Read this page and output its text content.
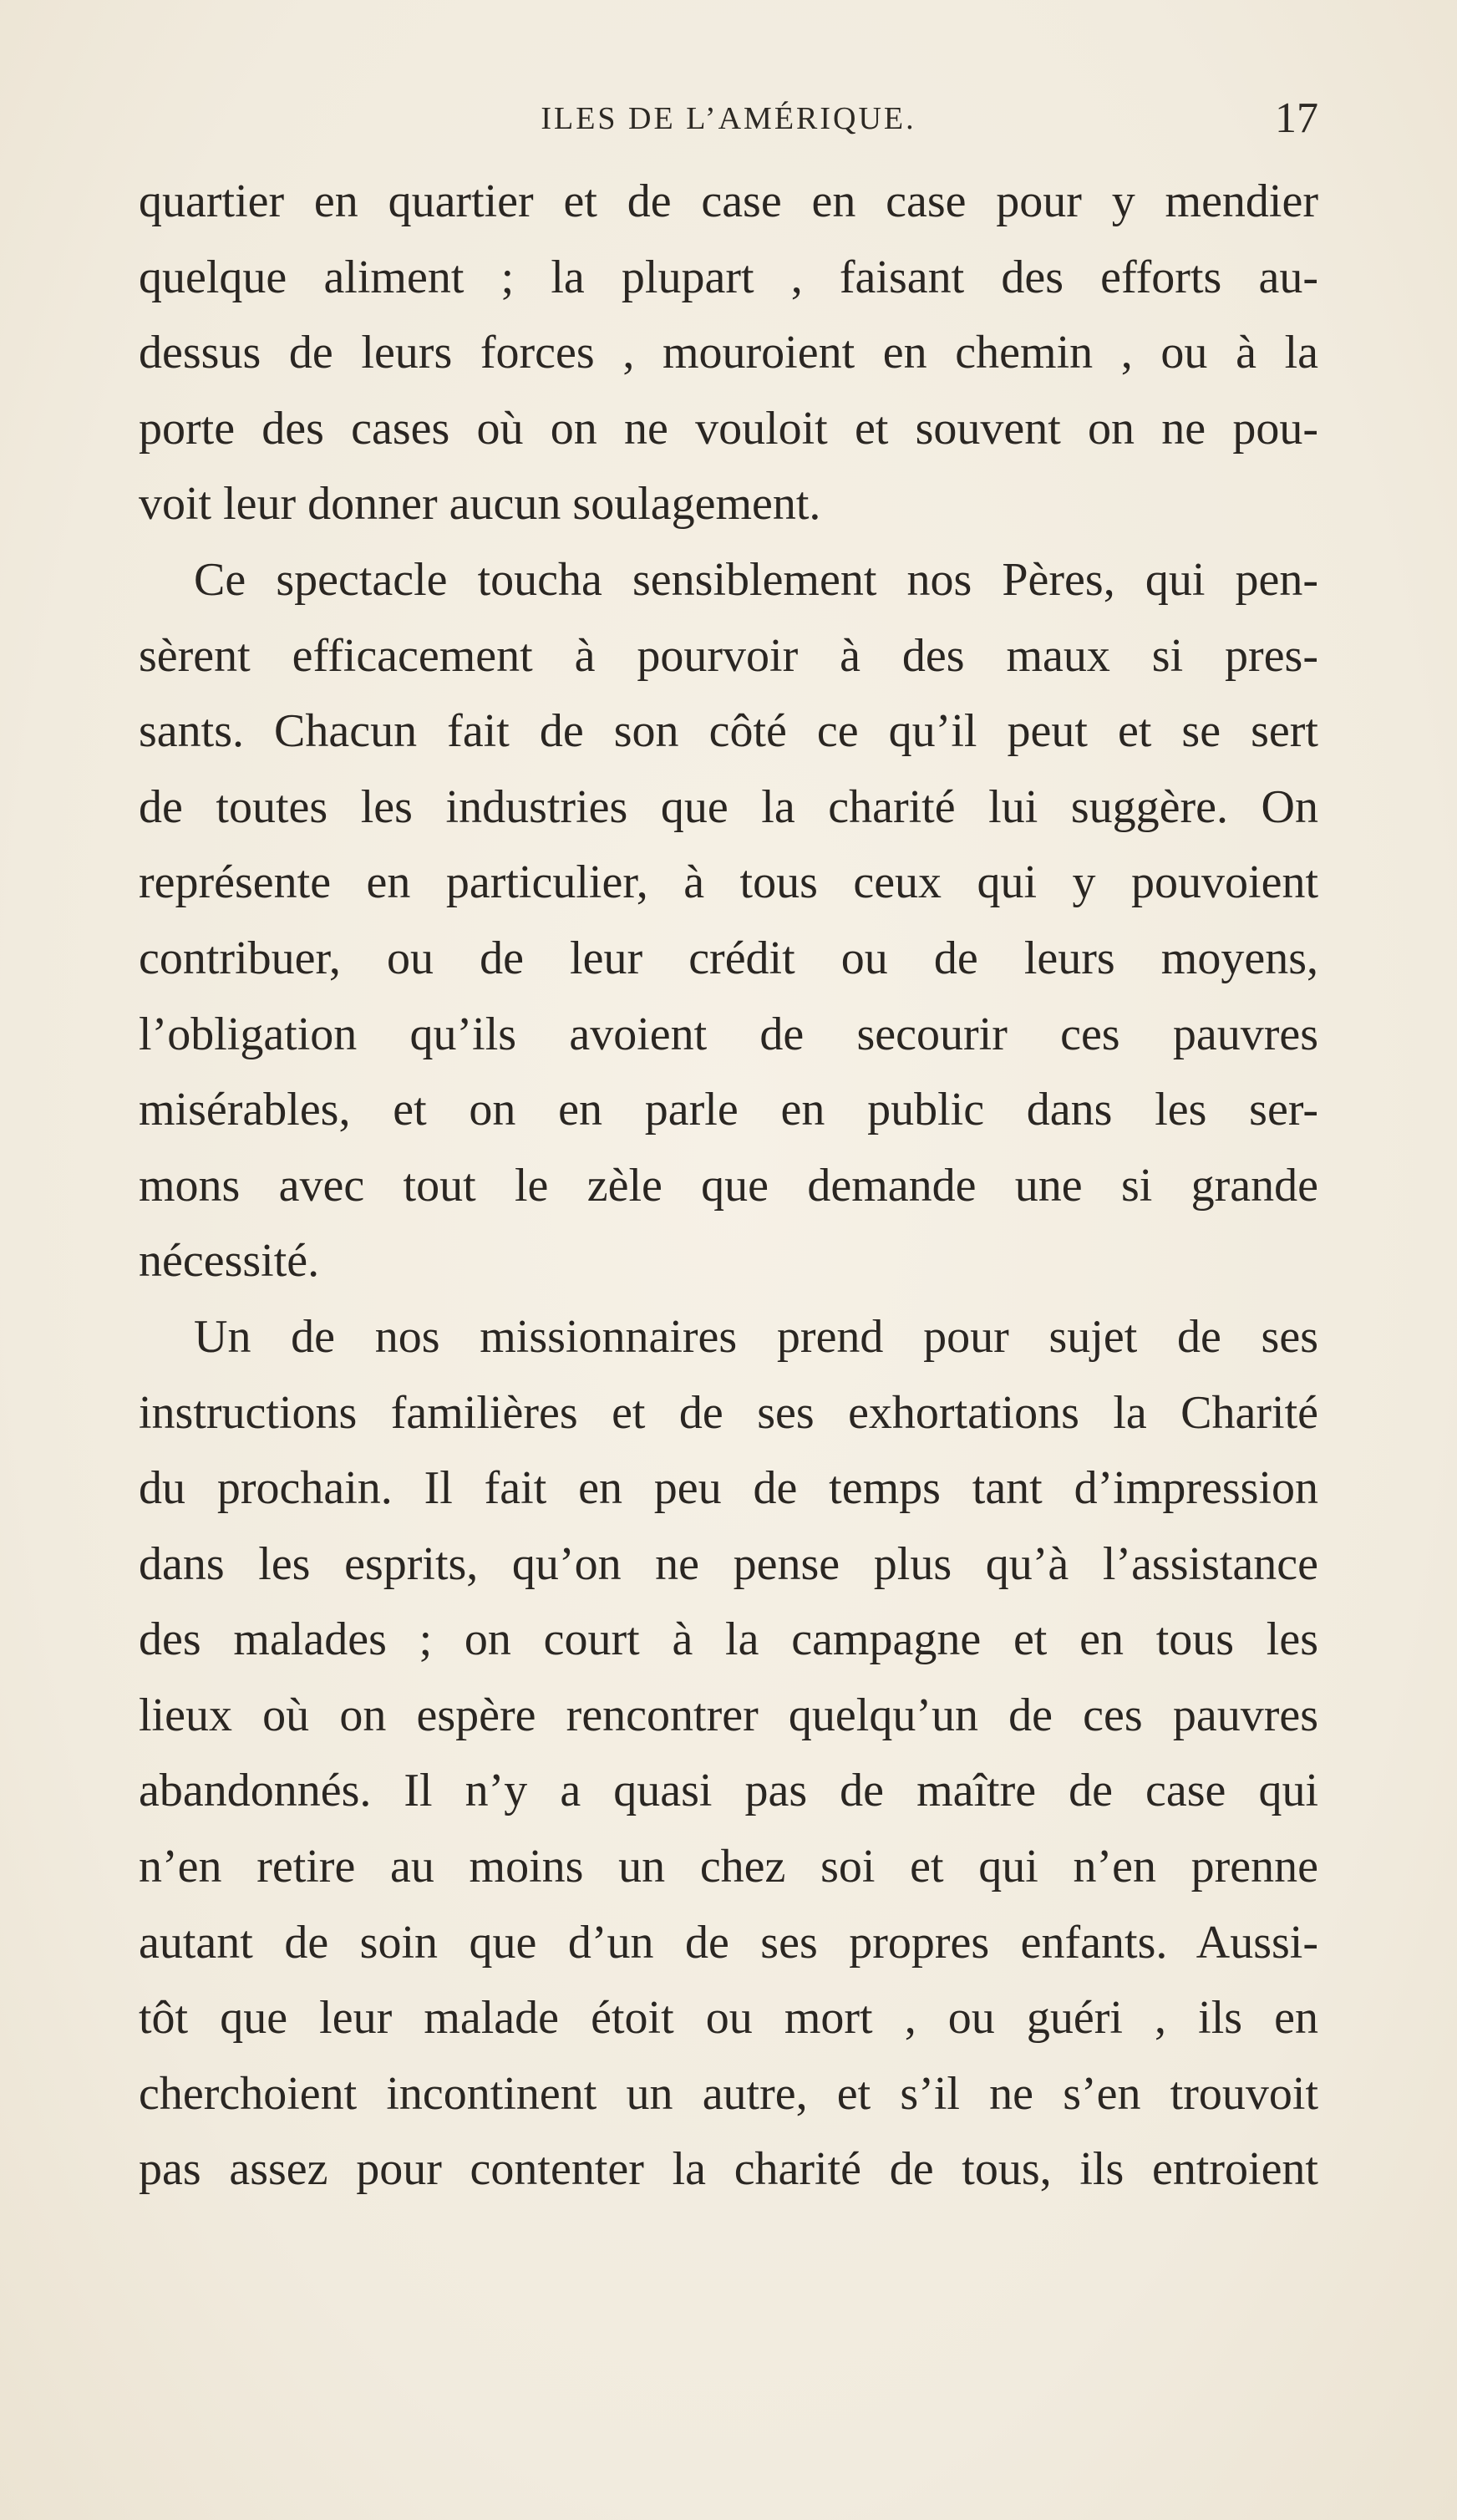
ILES DE L’AMÉRIQUE.	17
quartier en quartier et de case en case pour y mendier
quelque aliment ; la plupart , faisant des efforts au-
dessus de leurs forces , mouroient en chemin , ou à la
porte des cases où on ne vouloit et souvent on ne pou-
voit leur donner aucun soulagement.
Ce spectacle toucha sensiblement nos Pères, qui pen-
sèrent efficacement à pourvoir à des maux si pres-
sants. Chacun fait de son côté ce qu’il peut et se sert
de toutes les industries que la charité lui suggère. On
représente en particulier, à tous ceux qui y pouvoient
contribuer, ou de leur crédit ou de leurs moyens,
l’obligation qu’ils avoient de secourir ces pauvres
misérables, et on en parle en public dans les ser-
mons avec tout le zèle que demande une si grande
nécessité.
Un de nos missionnaires prend pour sujet de ses
instructions familières et de ses exhortations la Charité
du prochain. Il fait en peu de temps tant d’impression
dans les esprits, qu’on ne pense plus qu’à l’assistance
des malades ; on court à la campagne et en tous les
lieux où on espère rencontrer quelqu’un de ces pauvres
abandonnés. Il n’y a quasi pas de maître de case qui
n’en retire au moins un chez soi et qui n’en prenne
autant de soin que d’un de ses propres enfants. Aussi-
tôt que leur malade étoit ou mort , ou guéri , ils en
cherchoient incontinent un autre, et s’il ne s’en trouvoit
pas assez pour contenter la charité de tous, ils entroient
